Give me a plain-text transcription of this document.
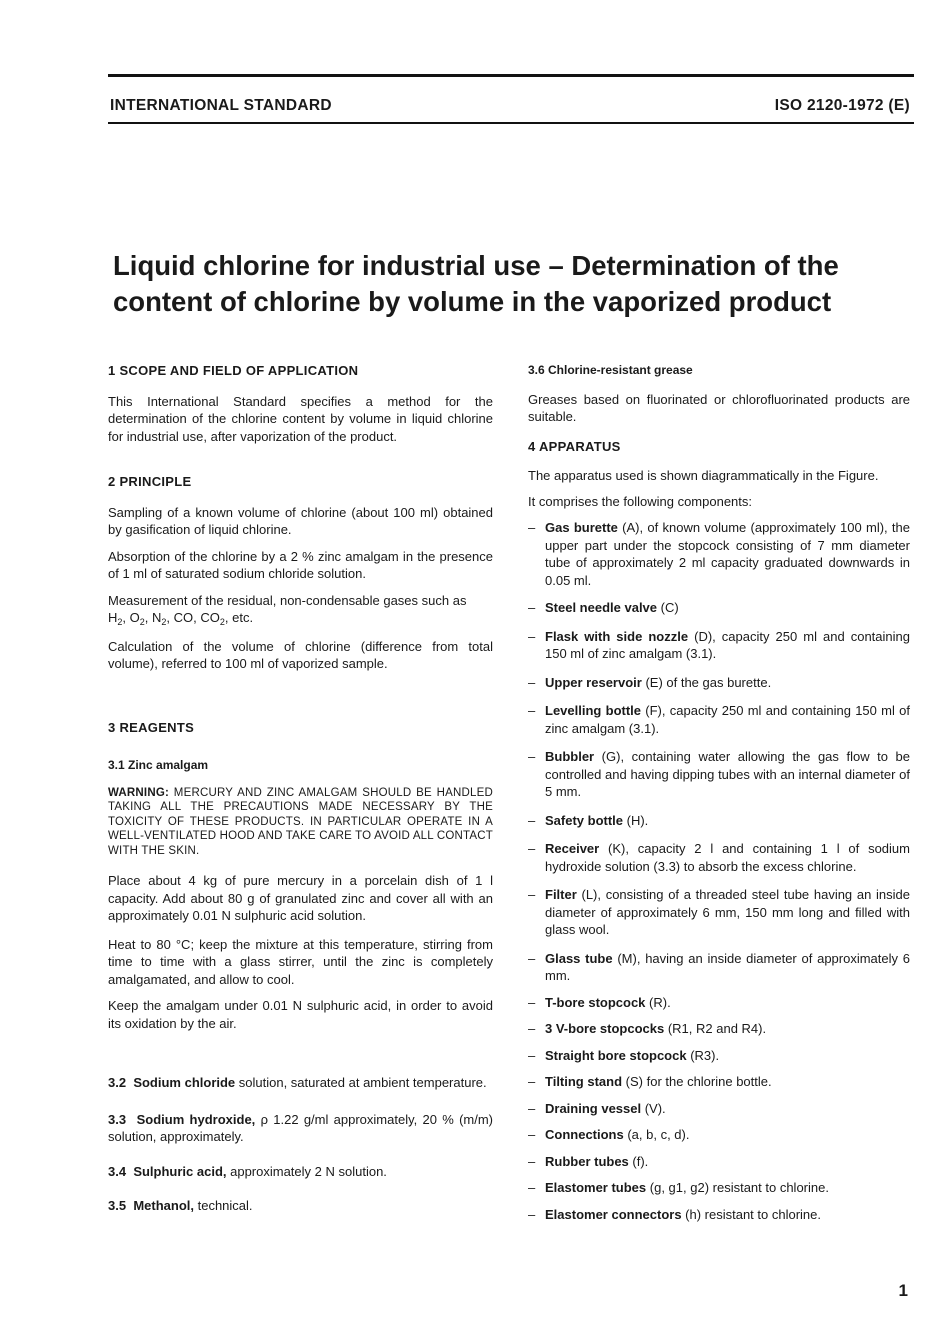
INTERNATIONAL STANDARD	ISO 2120-1972 (E)
Liquid chlorine for industrial use – Determination of the content of chlorine by volume in the vaporized product
1 SCOPE AND FIELD OF APPLICATION

This International Standard specifies a method for the determination of the chlorine content by volume in liquid chlorine for industrial use, after vaporization of the product.

2 PRINCIPLE

Sampling of a known volume of chlorine (about 100 ml) obtained by gasification of liquid chlorine.

Absorption of the chlorine by a 2 % zinc amalgam in the presence of 1 ml of saturated sodium chloride solution.

Measurement of the residual, non-condensable gases such as
$H_2$, $O_2$, $N_2$, CO, $CO_2$, etc.

Calculation of the volume of chlorine (difference from total volume), referred to 100 ml of vaporized sample.

3 REAGENTS
3.1 Zinc amalgam

WARNING: MERCURY AND ZINC AMALGAM SHOULD BE HANDLED TAKING ALL THE PRECAUTIONS MADE NECESSARY BY THE TOXICITY OF THESE PRODUCTS. IN PARTICULAR OPERATE IN A WELL-VENTILATED HOOD AND TAKE CARE TO AVOID ALL CONTACT WITH THE SKIN.

Place about 4 kg of pure mercury in a porcelain dish of 1 l capacity. Add about 80 g of granulated zinc and cover all with an approximately 0.01 N sulphuric acid solution.

Heat to 80 °C; keep the mixture at this temperature, stirring from time to time with a glass stirrer, until the zinc is completely amalgamated, and allow to cool.

Keep the amalgam under 0.01 N sulphuric acid, in order to avoid its oxidation by the air.

3.2 Sodium chloride solution, saturated at ambient temperature.

3.3 Sodium hydroxide, ρ 1.22 g/ml approximately, 20 % (m/m) solution, approximately.

3.4 Sulphuric acid, approximately 2 N solution.

3.5 Methanol, technical.

3.6 Chlorine-resistant grease

Greases based on fluorinated or chlorofluorinated products are suitable.

4 APPARATUS

The apparatus used is shown diagrammatically in the Figure.

It comprises the following components:

– Gas burette (A), of known volume (approximately 100 ml), the upper part under the stopcock consisting of 7 mm diameter tube of approximately 2 ml capacity graduated downwards in 0.05 ml.
– Steel needle valve (C)
– Flask with side nozzle (D), capacity 250 ml and containing 150 ml of zinc amalgam (3.1).
– Upper reservoir (E) of the gas burette.
– Levelling bottle (F), capacity 250 ml and containing 150 ml of zinc amalgam (3.1).
– Bubbler (G), containing water allowing the gas flow to be controlled and having dipping tubes with an internal diameter of 5 mm.
– Safety bottle (H).
– Receiver (K), capacity 2 l and containing 1 l of sodium hydroxide solution (3.3) to absorb the excess chlorine.
– Filter (L), consisting of a threaded steel tube having an inside diameter of approximately 6 mm, 150 mm long and filled with glass wool.
– Glass tube (M), having an inside diameter of approximately 6 mm.
– T-bore stopcock (R).
– 3 V-bore stopcocks (R1, R2 and R4).
– Straight bore stopcock (R3).
– Tilting stand (S) for the chlorine bottle.
– Draining vessel (V).
– Connections (a, b, c, d).
– Rubber tubes (f).
– Elastomer tubes (g, g1, g2) resistant to chlorine.
– Elastomer connectors (h) resistant to chlorine.
1
